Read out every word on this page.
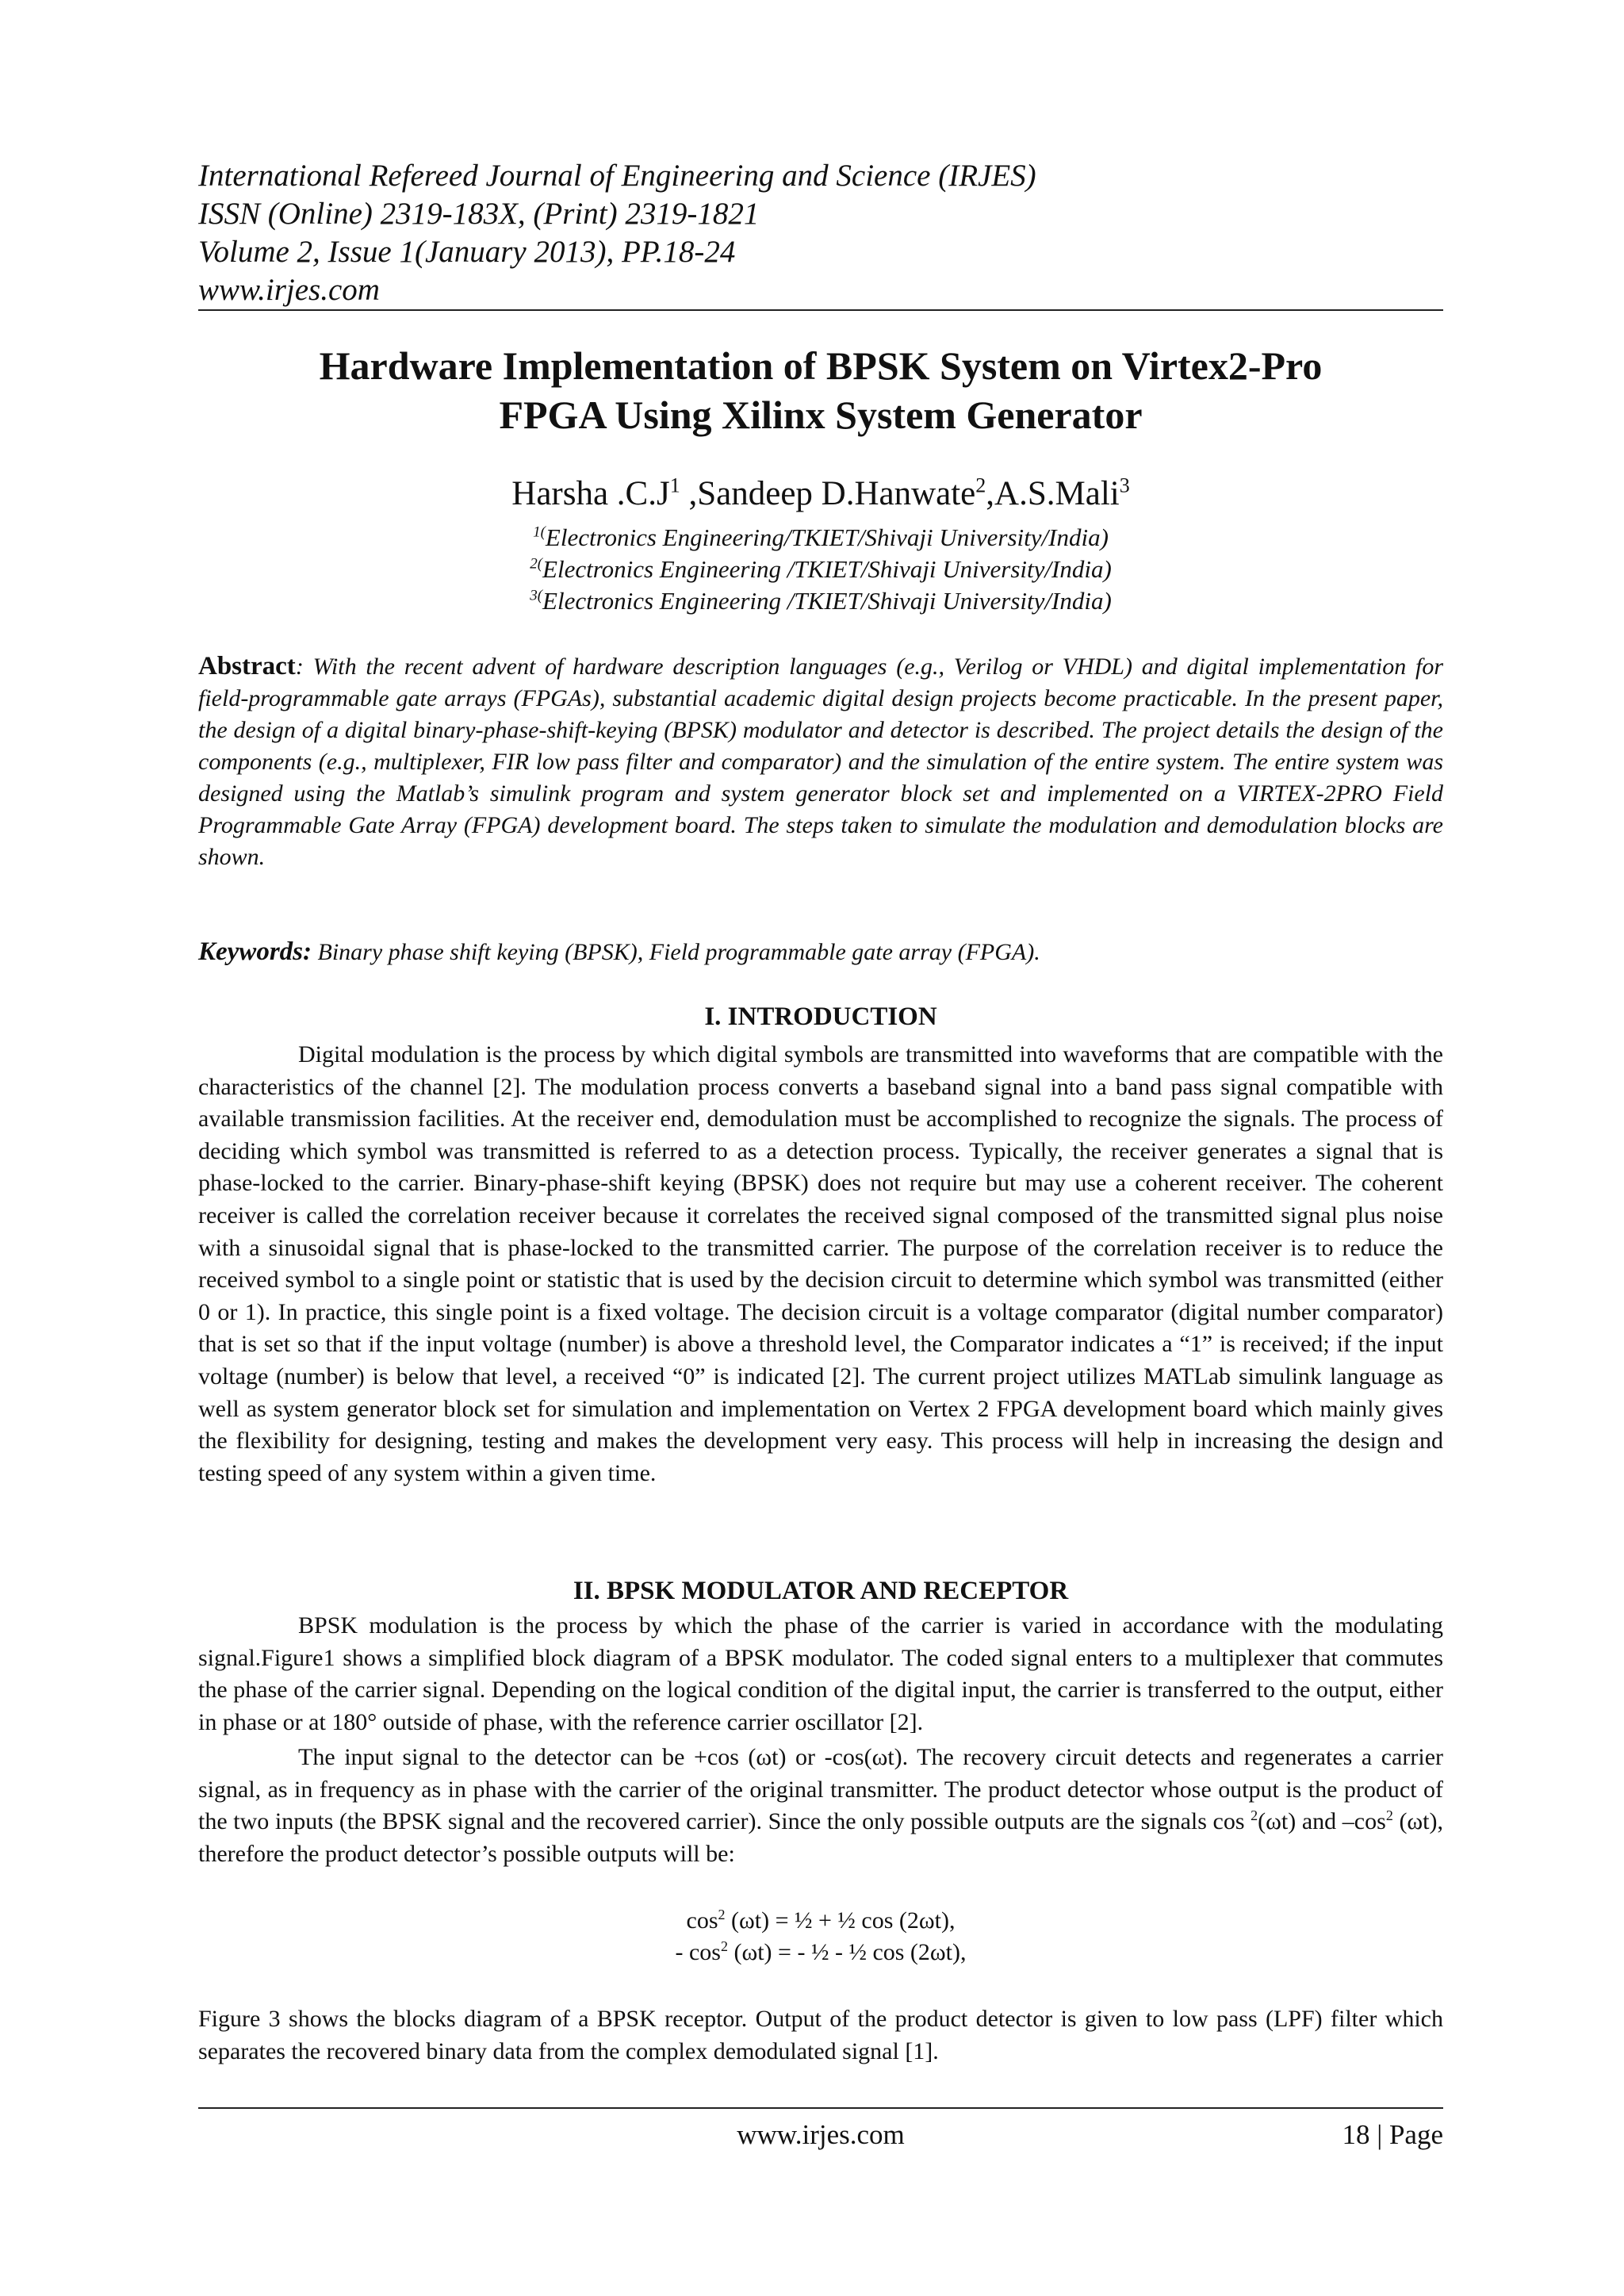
International Refereed Journal of Engineering and Science (IRJES)
ISSN (Online) 2319-183X, (Print) 2319-1821
Volume 2, Issue 1(January 2013), PP.18-24
www.irjes.com
Hardware Implementation of BPSK System on Virtex2-Pro
FPGA Using Xilinx System Generator
Harsha $.C.J^1$ ,Sandeep D.Hanwate$^2$,A.S.Mali$^3$
$^{1(}$Electronics Engineering/TKIET/Shivaji University/India)
$^{2(}$Electronics Engineering /TKIET/Shivaji University/India)
$^{3(}$Electronics Engineering /TKIET/Shivaji University/India)
Abstract: With the recent advent of hardware description languages (e.g., Verilog or VHDL) and digital implementation for field-programmable gate arrays (FPGAs), substantial academic digital design projects become practicable. In the present paper, the design of a digital binary-phase-shift-keying (BPSK) modulator and detector is described. The project details the design of the components (e.g., multiplexer, FIR low pass filter and comparator) and the simulation of the entire system. The entire system was designed using the Matlab’s simulink program and system generator block set and implemented on a VIRTEX-2PRO Field Programmable Gate Array (FPGA) development board. The steps taken to simulate the modulation and demodulation blocks are shown.
Keywords: Binary phase shift keying (BPSK), Field programmable gate array (FPGA).
I. INTRODUCTION
Digital modulation is the process by which digital symbols are transmitted into waveforms that are compatible with the characteristics of the channel [2]. The modulation process converts a baseband signal into a band pass signal compatible with available transmission facilities. At the receiver end, demodulation must be accomplished to recognize the signals. The process of deciding which symbol was transmitted is referred to as a detection process. Typically, the receiver generates a signal that is phase-locked to the carrier. Binary-phase-shift keying (BPSK) does not require but may use a coherent receiver. The coherent receiver is called the correlation receiver because it correlates the received signal composed of the transmitted signal plus noise with a sinusoidal signal that is phase-locked to the transmitted carrier. The purpose of the correlation receiver is to reduce the received symbol to a single point or statistic that is used by the decision circuit to determine which symbol was transmitted (either 0 or 1). In practice, this single point is a fixed voltage. The decision circuit is a voltage comparator (digital number comparator) that is set so that if the input voltage (number) is above a threshold level, the Comparator indicates a “1” is received; if the input voltage (number) is below that level, a received “0” is indicated [2]. The current project utilizes MATLab simulink language as well as system generator block set for simulation and implementation on Vertex 2 FPGA development board which mainly gives the flexibility for designing, testing and makes the development very easy. This process will help in increasing the design and testing speed of any system within a given time.
II. BPSK MODULATOR AND RECEPTOR
BPSK modulation is the process by which the phase of the carrier is varied in accordance with the modulating signal.Figure1 shows a simplified block diagram of a BPSK modulator. The coded signal enters to a multiplexer that commutes the phase of the carrier signal. Depending on the logical condition of the digital input, the carrier is transferred to the output, either in phase or at 180° outside of phase, with the reference carrier oscillator [2].
The input signal to the detector can be +cos (ωt) or -cos(ωt). The recovery circuit detects and regenerates a carrier signal, as in frequency as in phase with the carrier of the original transmitter. The product detector whose output is the product of the two inputs (the BPSK signal and the recovered carrier). Since the only possible outputs are the signals cos $^2$(ωt) and $-\cos^2$ (ωt), therefore the product detector’s possible outputs will be:
$\cos^2 (\omega t)$ = ½ + ½ cos (2ωt),
- $\cos^2 (\omega t)$ = - ½ - ½ cos (2ωt),
Figure 3 shows the blocks diagram of a BPSK receptor. Output of the product detector is given to low pass (LPF) filter which separates the recovered binary data from the complex demodulated signal [1].
www.irjes.com	18 | Page
